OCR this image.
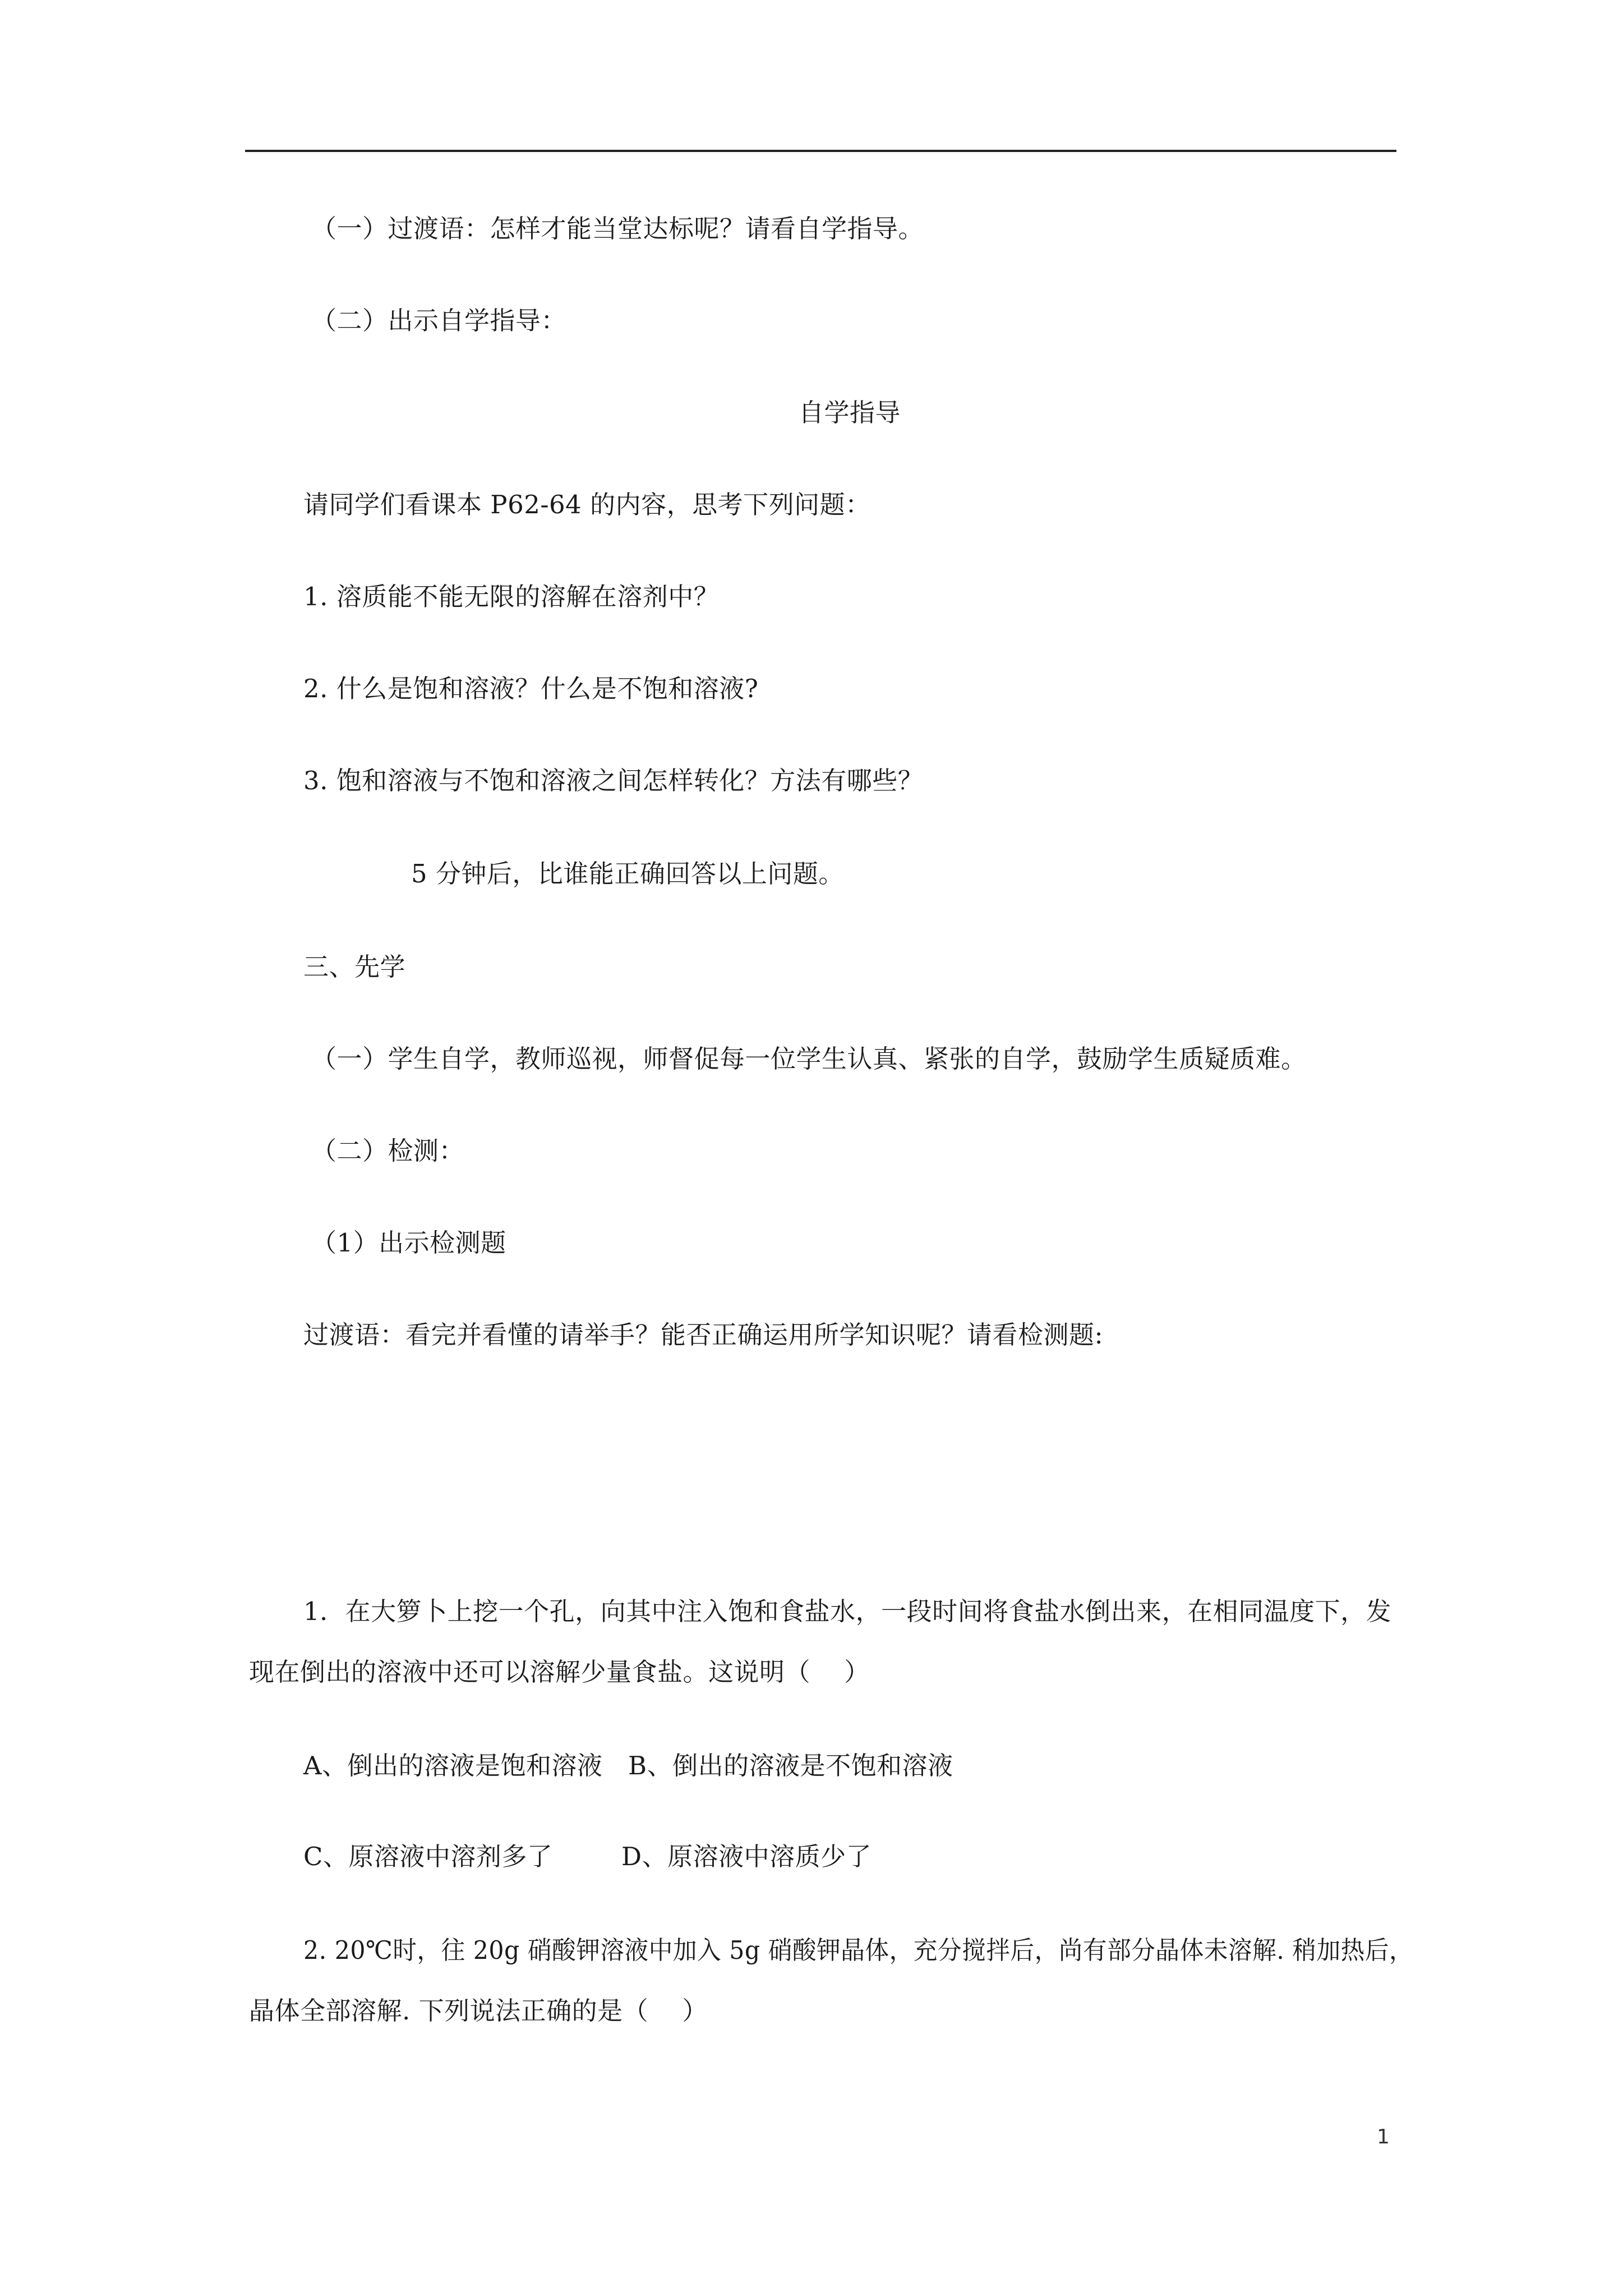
（一）过渡语：怎样才能当堂达标呢？请看自学指导。
（二）出示自学指导：
自学指导
请同学们看课本 P62-64 的内容，思考下列问题：
1. 溶质能不能无限的溶解在溶剂中？
2. 什么是饱和溶液？什么是不饱和溶液?
3. 饱和溶液与不饱和溶液之间怎样转化？方法有哪些？
5 分钟后，比谁能正确回答以上问题。
三、先学
（一）学生自学，教师巡视，师督促每一位学生认真、紧张的自学，鼓励学生质疑质难。
（二）检测：
（1）出示检测题
过渡语：看完并看懂的请举手？能否正确运用所学知识呢？请看检测题:
1．在大箩卜上挖一个孔，向其中注入饱和食盐水，一段时间将食盐水倒出来，在相同温度下，发
现在倒出的溶液中还可以溶解少量食盐。这说明（　 ）
A、倒出的溶液是饱和溶液 B、倒出的溶液是不饱和溶液
C、原溶液中溶剂多了	D、原溶液中溶质少了
2. 20℃时，往 20g 硝酸钾溶液中加入 5g 硝酸钾晶体，充分搅拌后，尚有部分晶体未溶解. 稍加热后，
晶体全部溶解. 下列说法正确的是（　 ）
1
